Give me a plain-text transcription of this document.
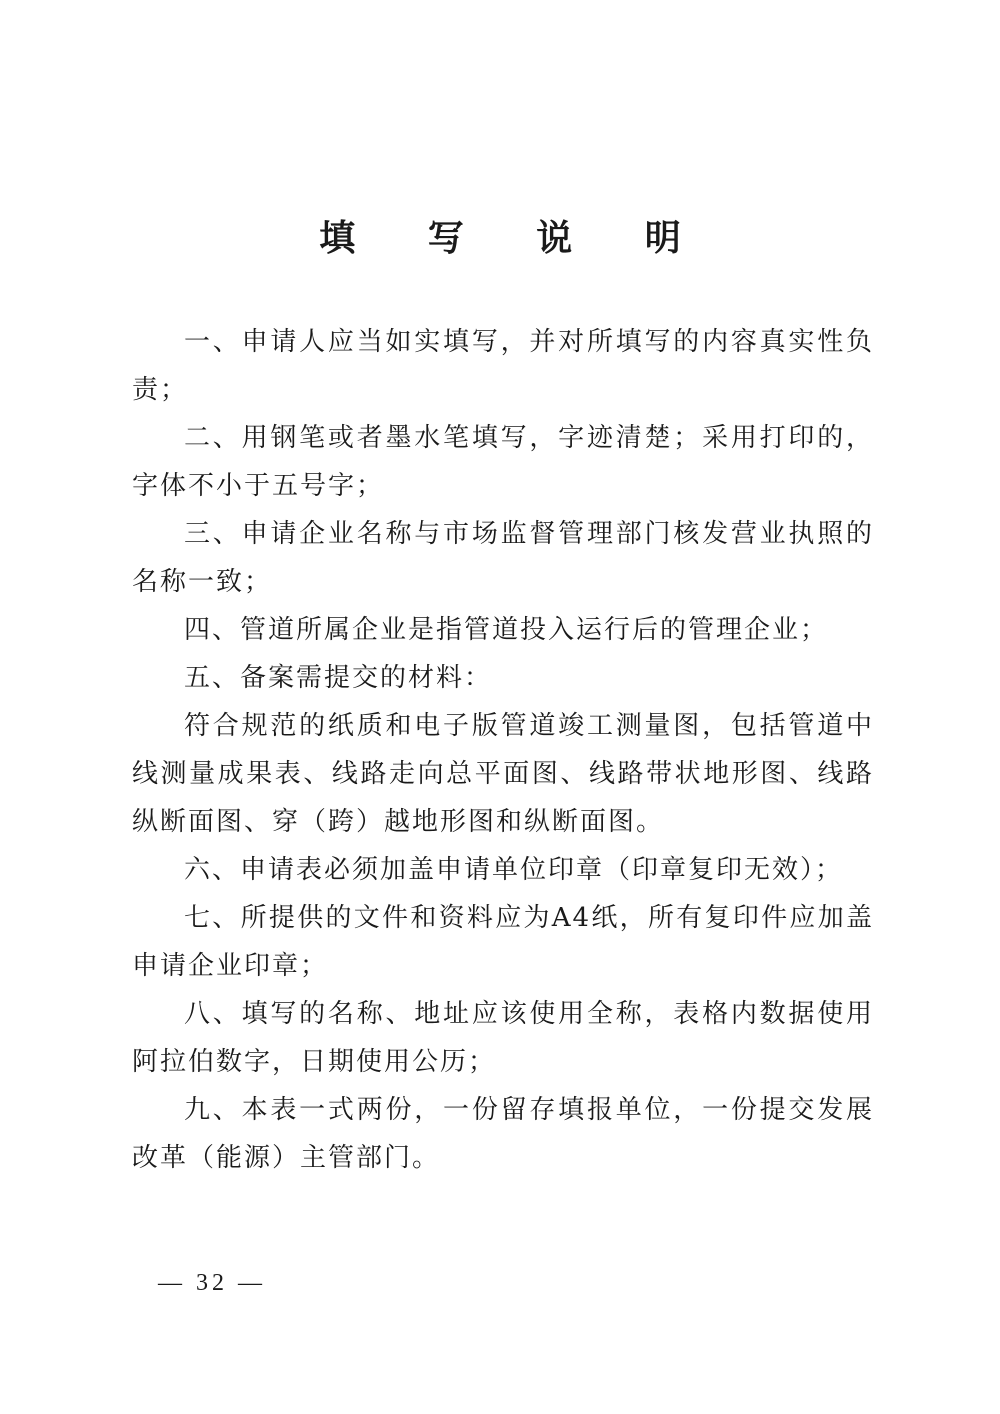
填 写 说 明

一、申请人应当如实填写，并对所填写的内容真实性负责；

二、用钢笔或者墨水笔填写，字迹清楚；采用打印的，字体不小于五号字；

三、申请企业名称与市场监督管理部门核发营业执照的名称一致；

四、管道所属企业是指管道投入运行后的管理企业；

五、备案需提交的材料：

符合规范的纸质和电子版管道竣工测量图，包括管道中线测量成果表、线路走向总平面图、线路带状地形图、线路纵断面图、穿（跨）越地形图和纵断面图。

六、申请表必须加盖申请单位印章（印章复印无效）；

七、所提供的文件和资料应为A4纸，所有复印件应加盖申请企业印章；

八、填写的名称、地址应该使用全称，表格内数据使用阿拉伯数字，日期使用公历；

九、本表一式两份，一份留存填报单位，一份提交发展改革（能源）主管部门。

— 32 —
